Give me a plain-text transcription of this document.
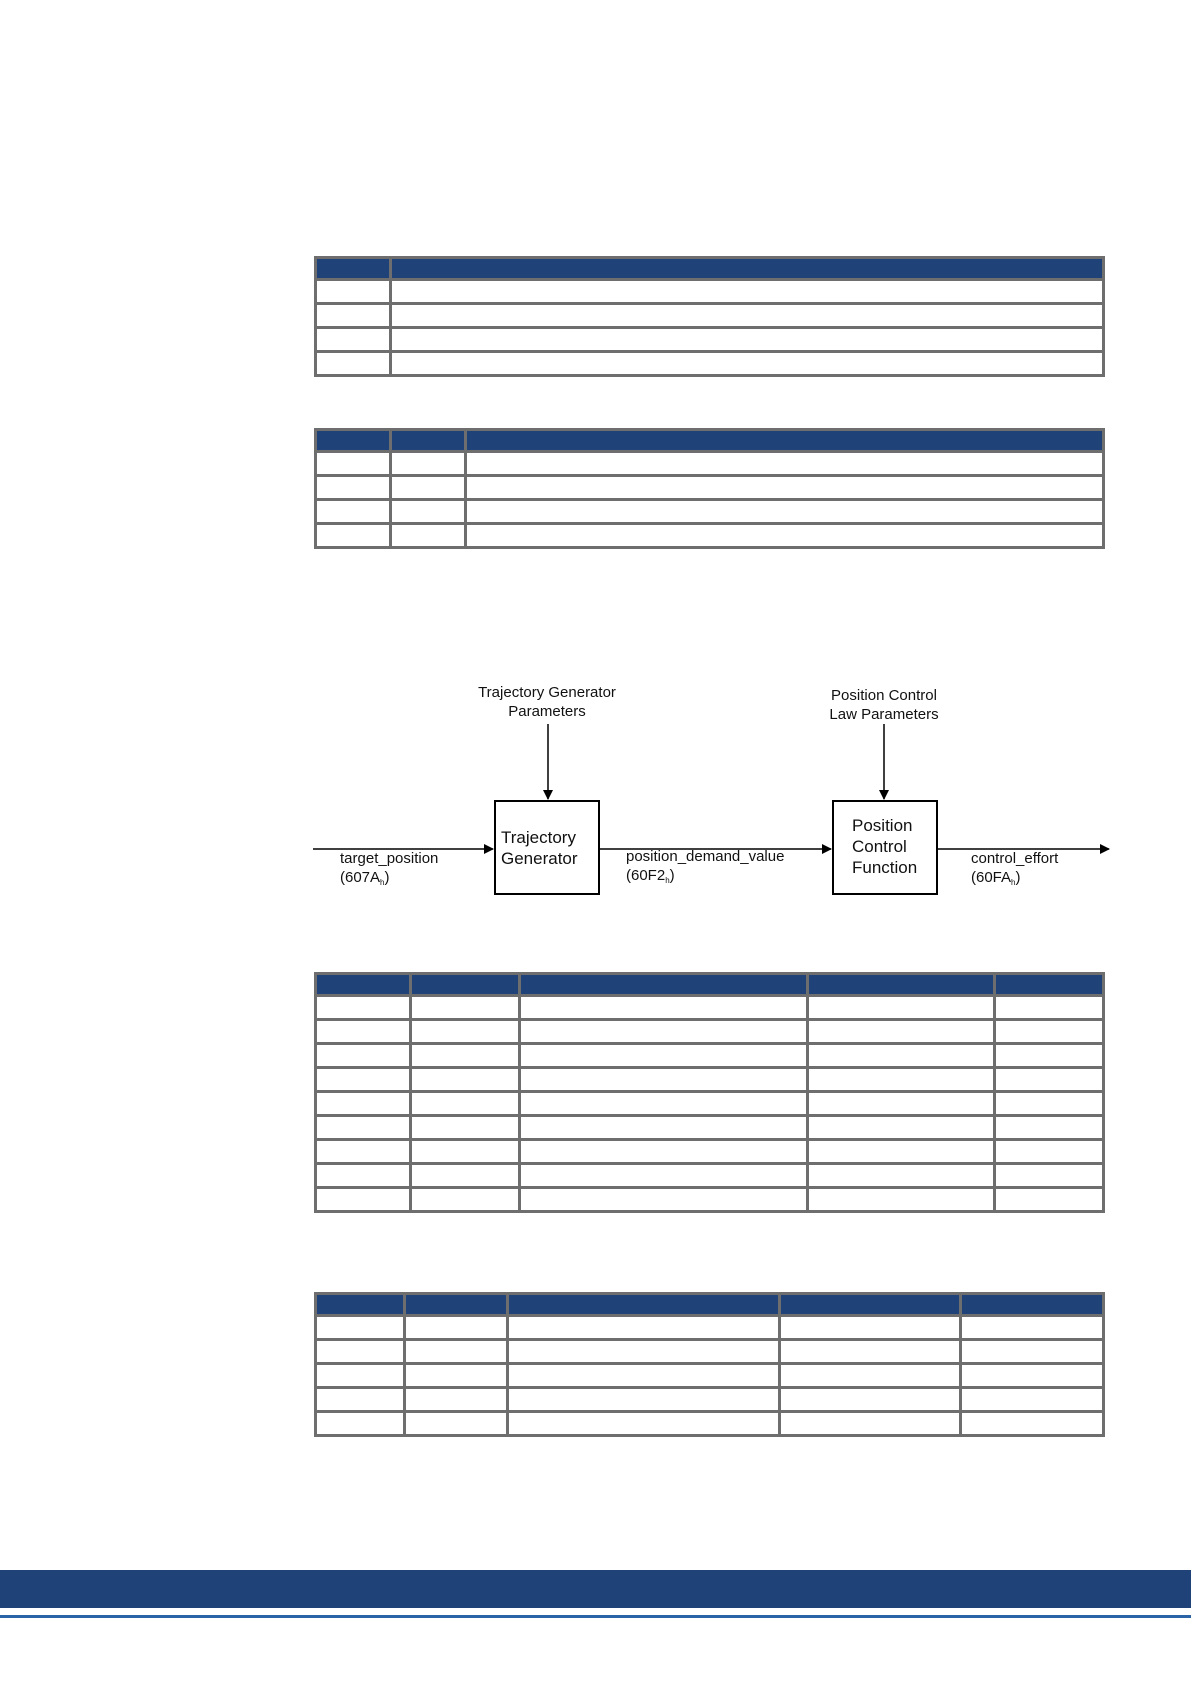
target_position
$(607A_h)$
Trajectory Generator
Parameters
Trajectory
Generator	position_demand_value
$(60F2_h)$
Position Control
Law Parameters
Position
Control
Function	control_effort
$(60FA_h)$
